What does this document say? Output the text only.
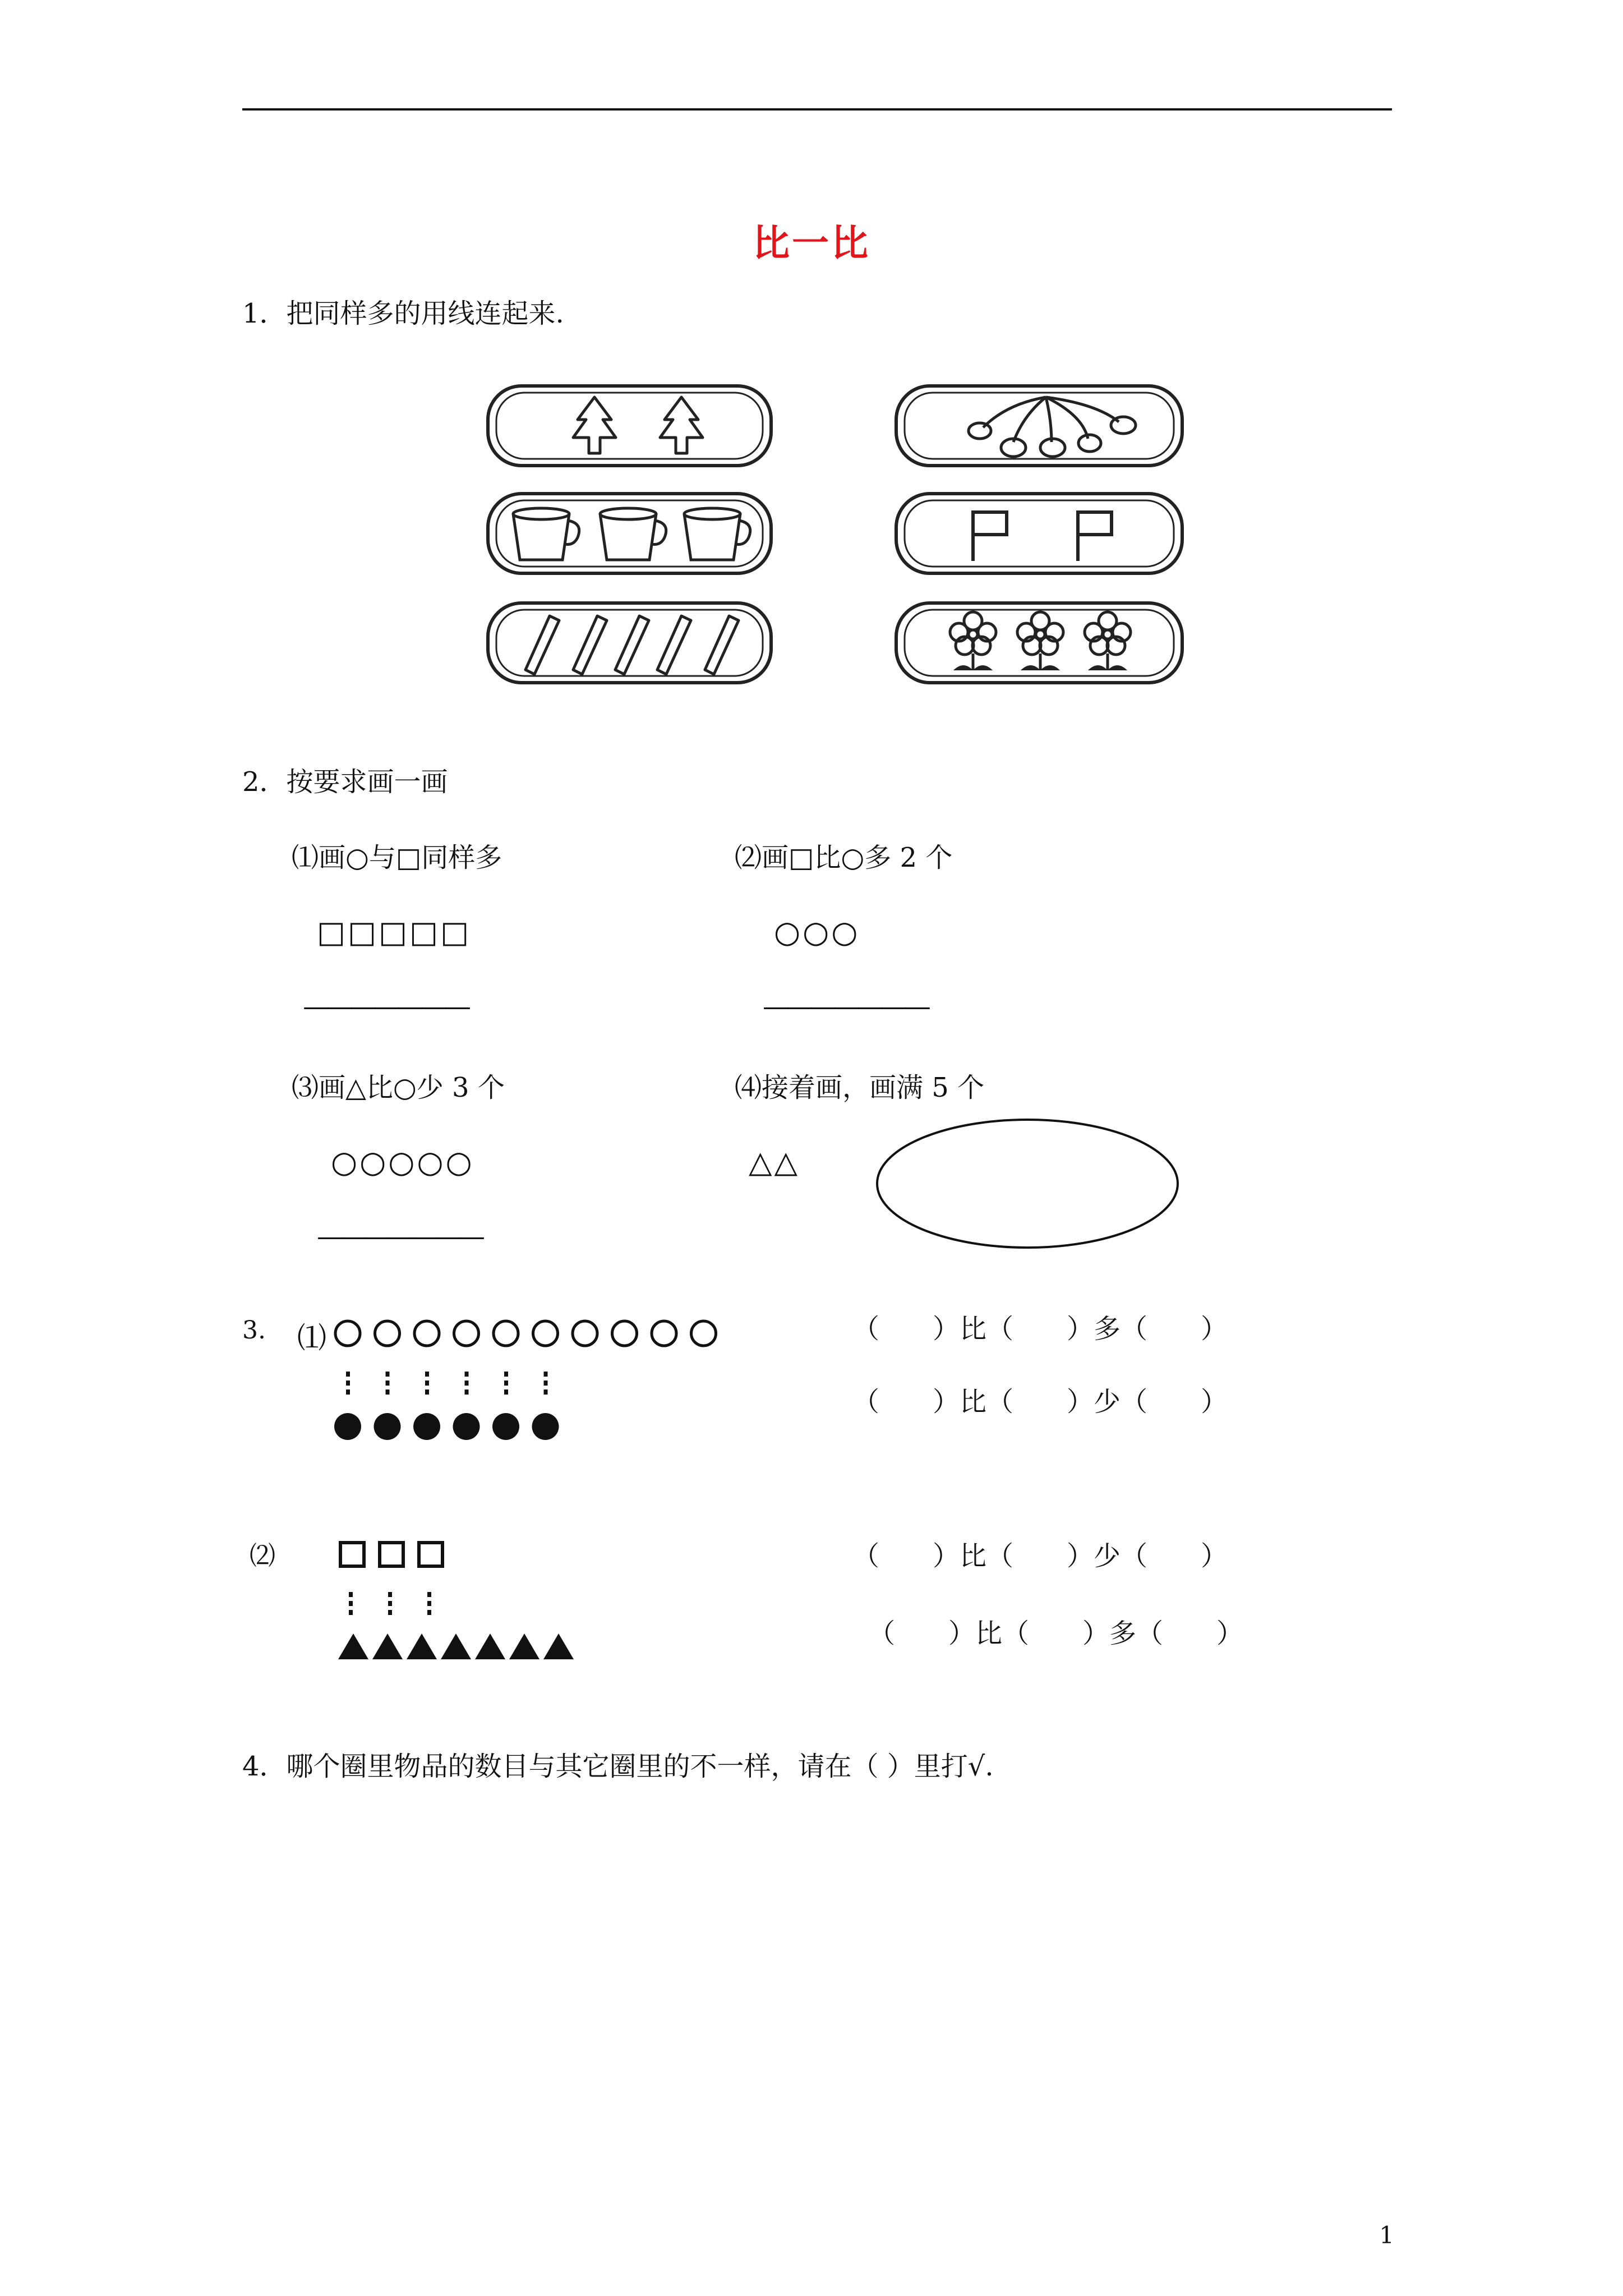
比一比
1．把同样多的用线连起来.
2．按要求画一画
⑴画○与□同样多	⑵画□比○多 2 个
□□□□□	○○○
———————	———————
⑶画△比○少 3 个	⑷接着画，画满 5 个
○○○○○	△△
———————
3. ⑴	（ ）比（ ）多（ ）
（ ）比（ ）少（ ）
⑵	（ ）比（ ）少（ ）
（ ）比（ ）多（ ）
4．哪个圈里物品的数目与其它圈里的不一样，请在（ ）里打√.
1
